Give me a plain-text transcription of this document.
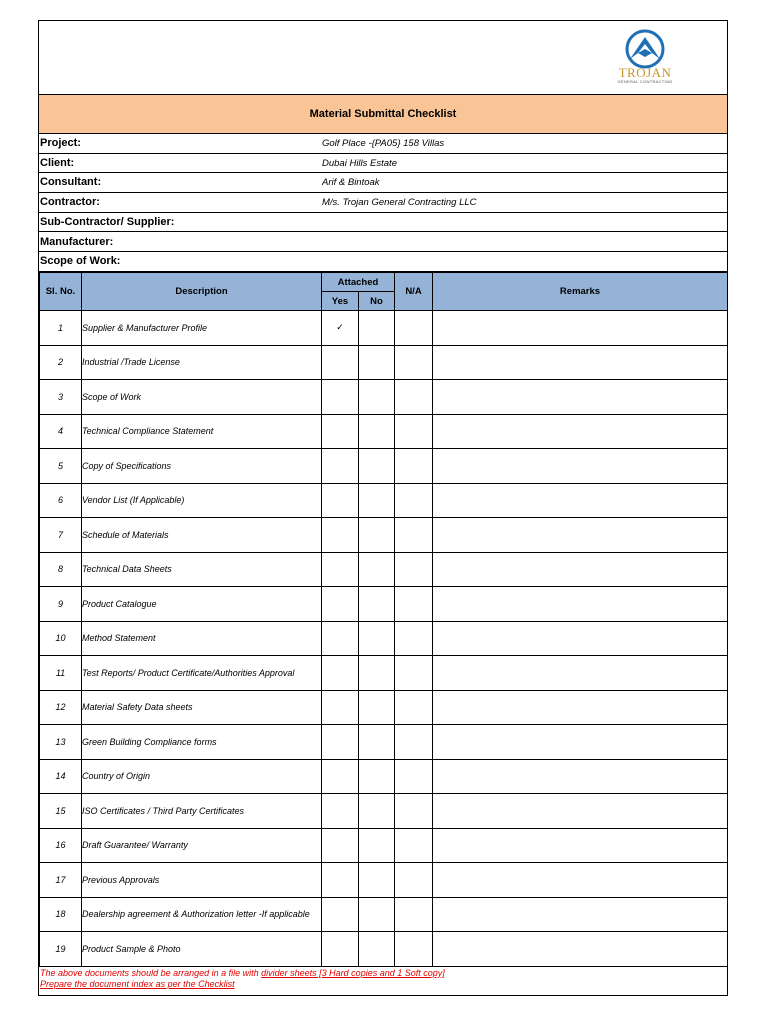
TROJAN
GENERAL CONTRACTING
Material Submittal Checklist
Project:	Golf Place -{PA05} 158 Villas
Client:	Dubai Hills Estate
Consultant:	Arif & Bintoak
Contractor:	M/s. Trojan General Contracting LLC
Sub-Contractor/ Supplier:
Manufacturer:
Scope of Work:
Sl. No.	Description	Attached		N/A	Remarks
		Yes	No		
1	Supplier & Manufacturer Profile	✓			
2	Industrial /Trade License				
3	Scope of Work				
4	Technical Compliance Statement				
5	Copy of Specifications				
6	Vendor List (If Applicable)				
7	Schedule of Materials				
8	Technical Data Sheets				
9	Product Catalogue				
10	Method Statement				
11	Test Reports/ Product Certificate/Authorities Approval				
12	Material Safety Data sheets				
13	Green Building Compliance forms				
14	Country of Origin				
15	ISO Certificates / Third Party Certificates				
16	Draft Guarantee/ Warranty				
17	Previous Approvals				
18	Dealership agreement & Authorization letter -If applicable				
19	Product Sample & Photo				
The above documents should be arranged in a file with divider sheets [3 Hard copies and 1 Soft copy]
Prepare the document index as per the Checklist
